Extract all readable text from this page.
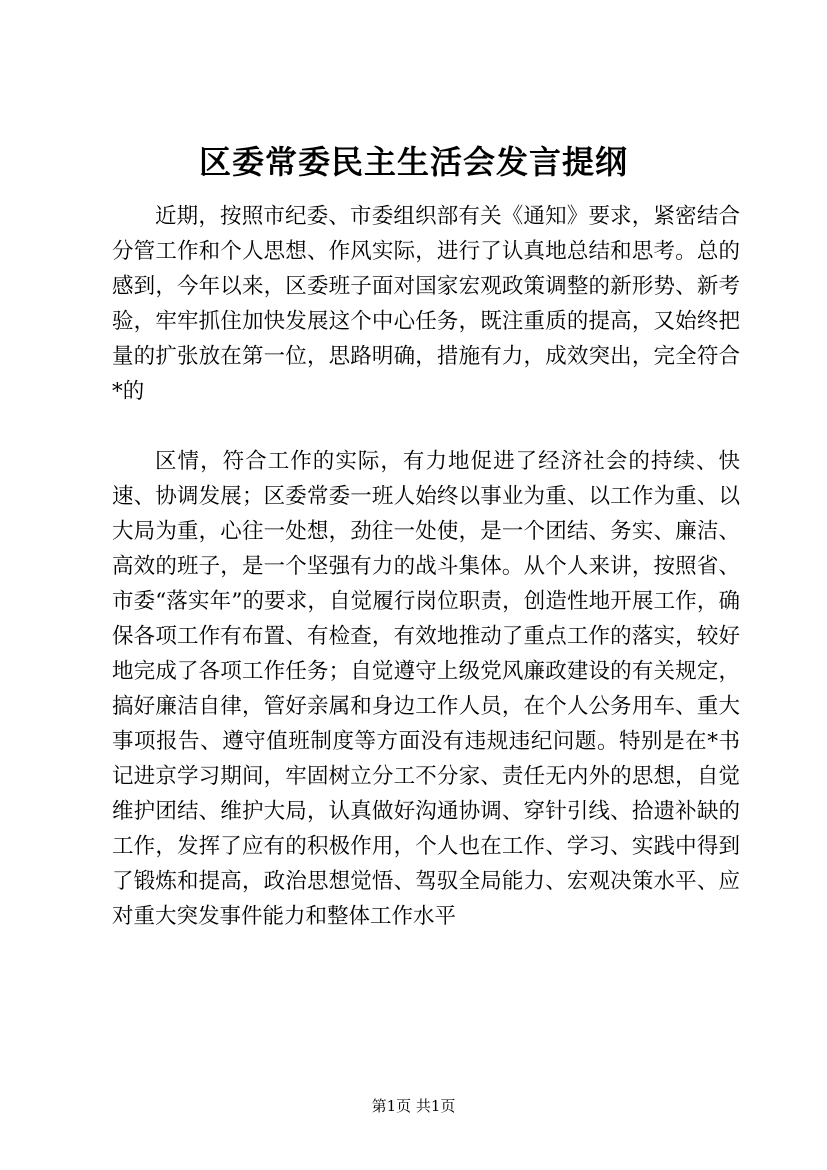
区委常委民主生活会发言提纲

近期，按照市纪委、市委组织部有关《通知》要求，紧密结合分管工作和个人思想、作风实际，进行了认真地总结和思考。总的感到，今年以来，区委班子面对国家宏观政策调整的新形势、新考验，牢牢抓住加快发展这个中心任务，既注重质的提高，又始终把量的扩张放在第一位，思路明确，措施有力，成效突出，完全符合*的

区情，符合工作的实际，有力地促进了经济社会的持续、快速、协调发展；区委常委一班人始终以事业为重、以工作为重、以大局为重，心往一处想，劲往一处使，是一个团结、务实、廉洁、高效的班子，是一个坚强有力的战斗集体。从个人来讲，按照省、市委“落实年”的要求，自觉履行岗位职责，创造性地开展工作，确保各项工作有布置、有检查，有效地推动了重点工作的落实，较好地完成了各项工作任务；自觉遵守上级党风廉政建设的有关规定，搞好廉洁自律，管好亲属和身边工作人员，在个人公务用车、重大事项报告、遵守值班制度等方面没有违规违纪问题。特别是在*书记进京学习期间，牢固树立分工不分家、责任无内外的思想，自觉维护团结、维护大局，认真做好沟通协调、穿针引线、拾遗补缺的工作，发挥了应有的积极作用，个人也在工作、学习、实践中得到了锻炼和提高，政治思想觉悟、驾驭全局能力、宏观决策水平、应对重大突发事件能力和整体工作水平

第1页 共1页
